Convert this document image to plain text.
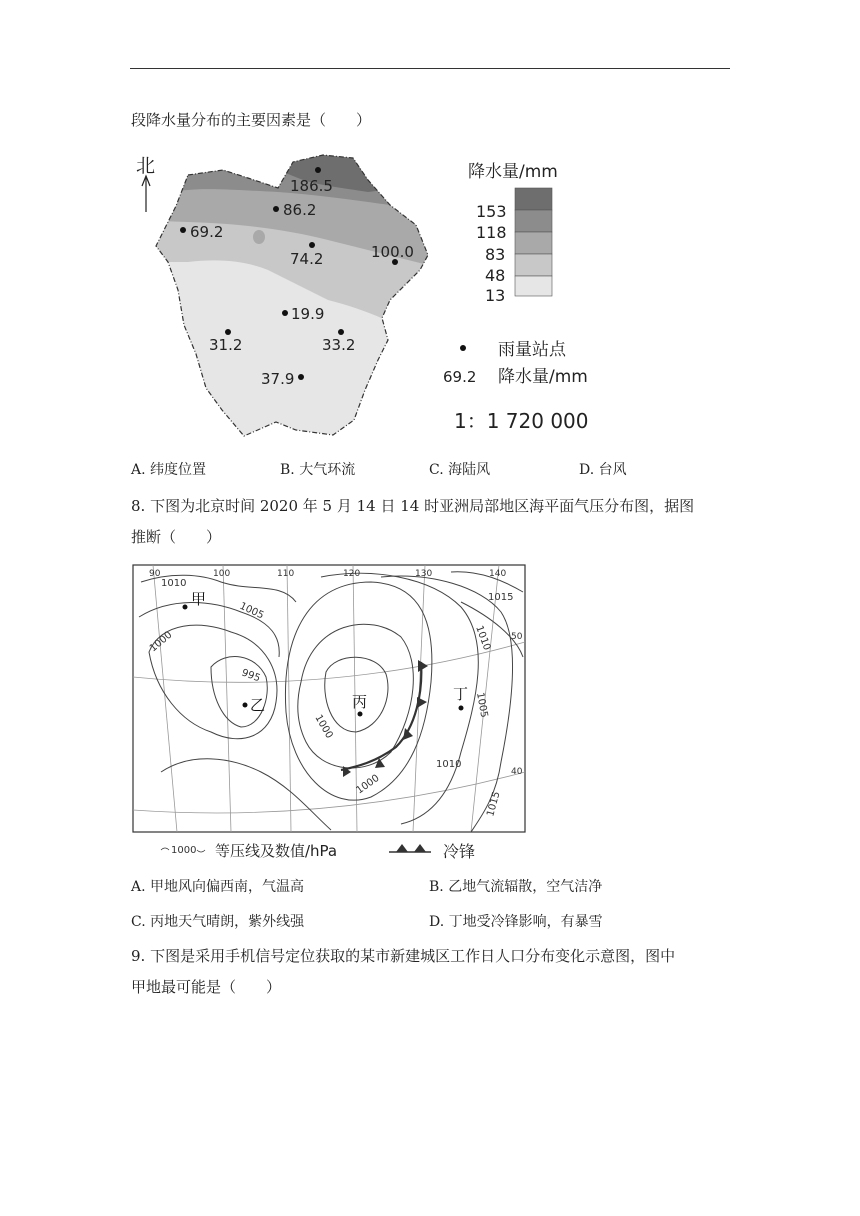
段降水量分布的主要因素是（　　）
北
186.5
86.2
69.2
74.2	100.0
19.9
31.2	33.2
37.9
降水量/mm
153
118
83
48
13
雨量站点
69.2 降水量/mm
1：1 720 000
A. 纬度位置	B. 大气环流	C. 海陆风	D. 台风
8. 下图为北京时间 2020 年 5 月 14 日 14 时亚洲局部地区海平面气压分布图，据图
推断（　　）
90	100	110	120	130	140
50
40
1010
1005
1000
995
1000
1000
1010
1005
1010
1015
1015
甲
乙	丙	丁
1000 等压线及数值/hPa	冷锋
A. 甲地风向偏西南，气温高	B. 乙地气流辐散，空气洁净
C. 丙地天气晴朗，紫外线强	D. 丁地受冷锋影响，有暴雪
9. 下图是采用手机信号定位获取的某市新建城区工作日人口分布变化示意图，图中
甲地最可能是（　　）
